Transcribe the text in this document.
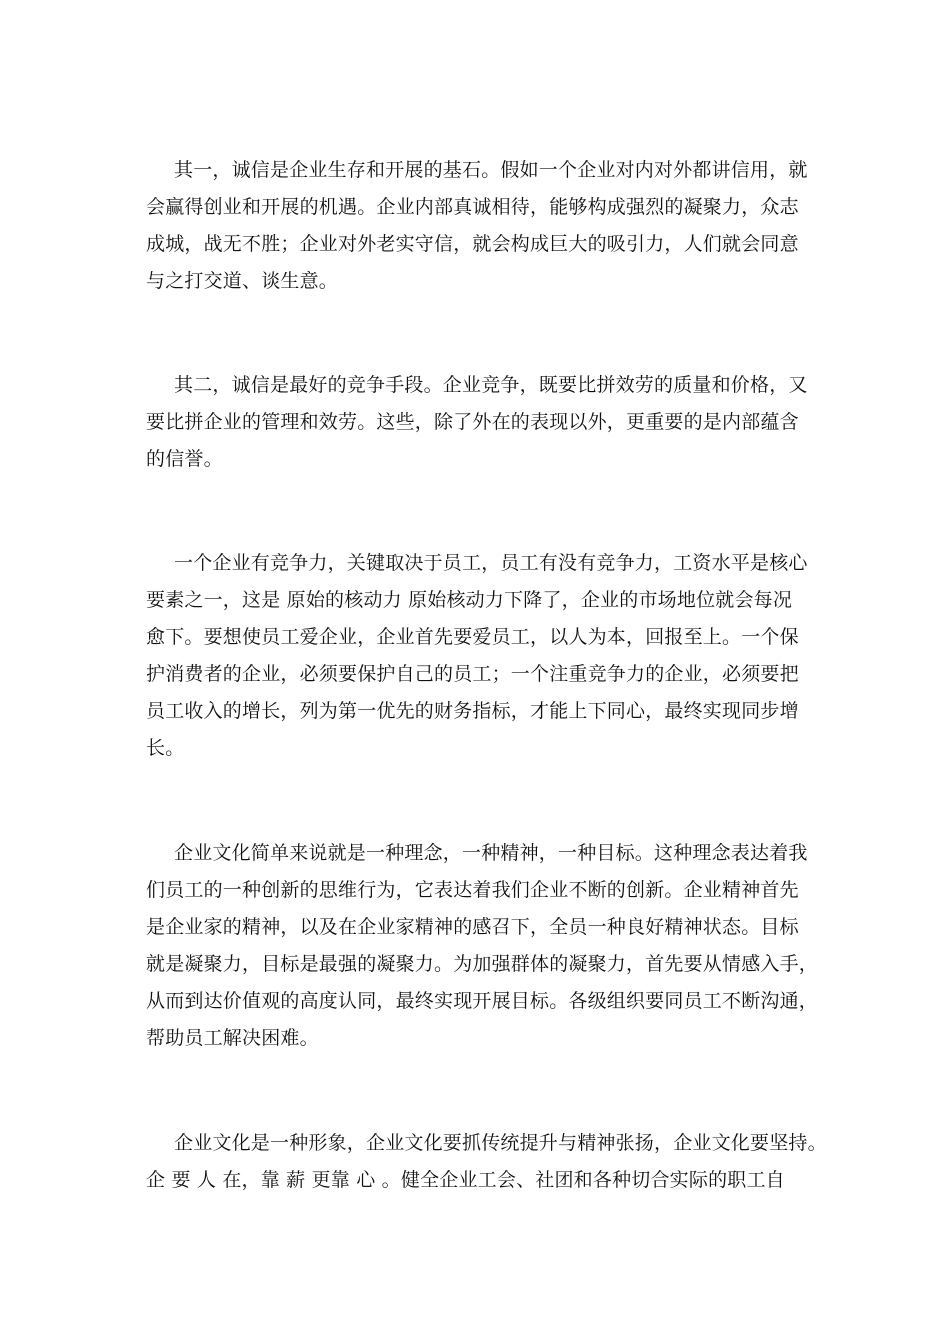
其一，诚信是企业生存和开展的基石。假如一个企业对内对外都讲信用，就
会赢得创业和开展的机遇。企业内部真诚相待，能够构成强烈的凝聚力，众志
成城，战无不胜；企业对外老实守信，就会构成巨大的吸引力，人们就会同意
与之打交道、谈生意。
其二，诚信是最好的竞争手段。企业竞争，既要比拼效劳的质量和价格，又
要比拼企业的管理和效劳。这些，除了外在的表现以外，更重要的是内部蕴含
的信誉。
一个企业有竞争力，关键取决于员工，员工有没有竞争力，工资水平是核心
要素之一，这是 原始的核动力 原始核动力下降了，企业的市场地位就会每况
愈下。要想使员工爱企业，企业首先要爱员工，以人为本，回报至上。一个保
护消费者的企业，必须要保护自己的员工；一个注重竞争力的企业，必须要把
员工收入的增长，列为第一优先的财务指标，才能上下同心，最终实现同步增
长。
企业文化简单来说就是一种理念，一种精神，一种目标。这种理念表达着我
们员工的一种创新的思维行为，它表达着我们企业不断的创新。企业精神首先
是企业家的精神，以及在企业家精神的感召下，全员一种良好精神状态。目标
就是凝聚力，目标是最强的凝聚力。为加强群体的凝聚力，首先要从情感入手，
从而到达价值观的高度认同，最终实现开展目标。各级组织要同员工不断沟通，
帮助员工解决困难。
企业文化是一种形象，企业文化要抓传统提升与精神张扬，企业文化要坚持。
企 要 人 在，靠 薪 更靠 心 。健全企业工会、社团和各种切合实际的职工自
